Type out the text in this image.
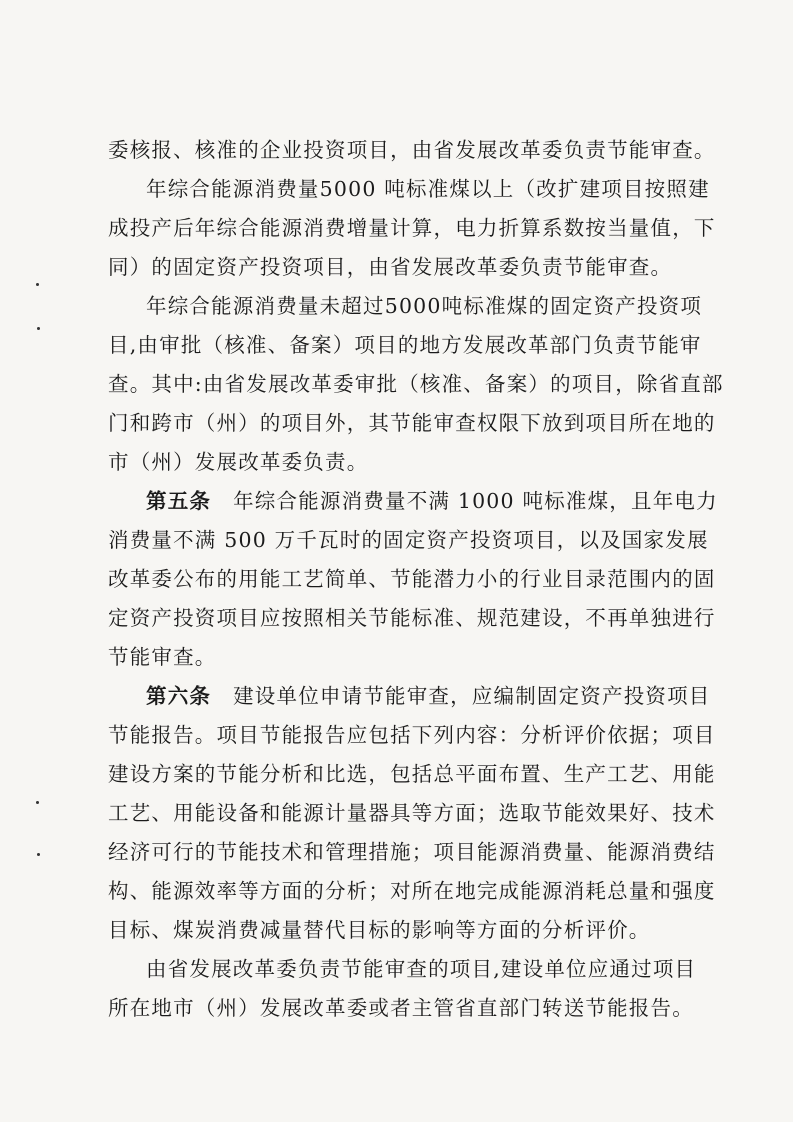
委核报、核准的企业投资项目，由省发展改革委负责节能审查。
年综合能源消费量5000 吨标准煤以上（改扩建项目按照建
成投产后年综合能源消费增量计算，电力折算系数按当量值，下
同）的固定资产投资项目，由省发展改革委负责节能审查。
年综合能源消费量未超过5000吨标准煤的固定资产投资项
目,由审批（核准、备案）项目的地方发展改革部门负责节能审
查。其中:由省发展改革委审批（核准、备案）的项目，除省直部
门和跨市（州）的项目外，其节能审查权限下放到项目所在地的
市（州）发展改革委负责。
第五条 年综合能源消费量不满 1000 吨标准煤，且年电力
消费量不满 500 万千瓦时的固定资产投资项目，以及国家发展
改革委公布的用能工艺简单、节能潜力小的行业目录范围内的固
定资产投资项目应按照相关节能标准、规范建设，不再单独进行
节能审查。
第六条 建设单位申请节能审查，应编制固定资产投资项目
节能报告。项目节能报告应包括下列内容：分析评价依据；项目
建设方案的节能分析和比选，包括总平面布置、生产工艺、用能
工艺、用能设备和能源计量器具等方面；选取节能效果好、技术
经济可行的节能技术和管理措施；项目能源消费量、能源消费结
构、能源效率等方面的分析；对所在地完成能源消耗总量和强度
目标、煤炭消费减量替代目标的影响等方面的分析评价。
由省发展改革委负责节能审查的项目,建设单位应通过项目
所在地市（州）发展改革委或者主管省直部门转送节能报告。
